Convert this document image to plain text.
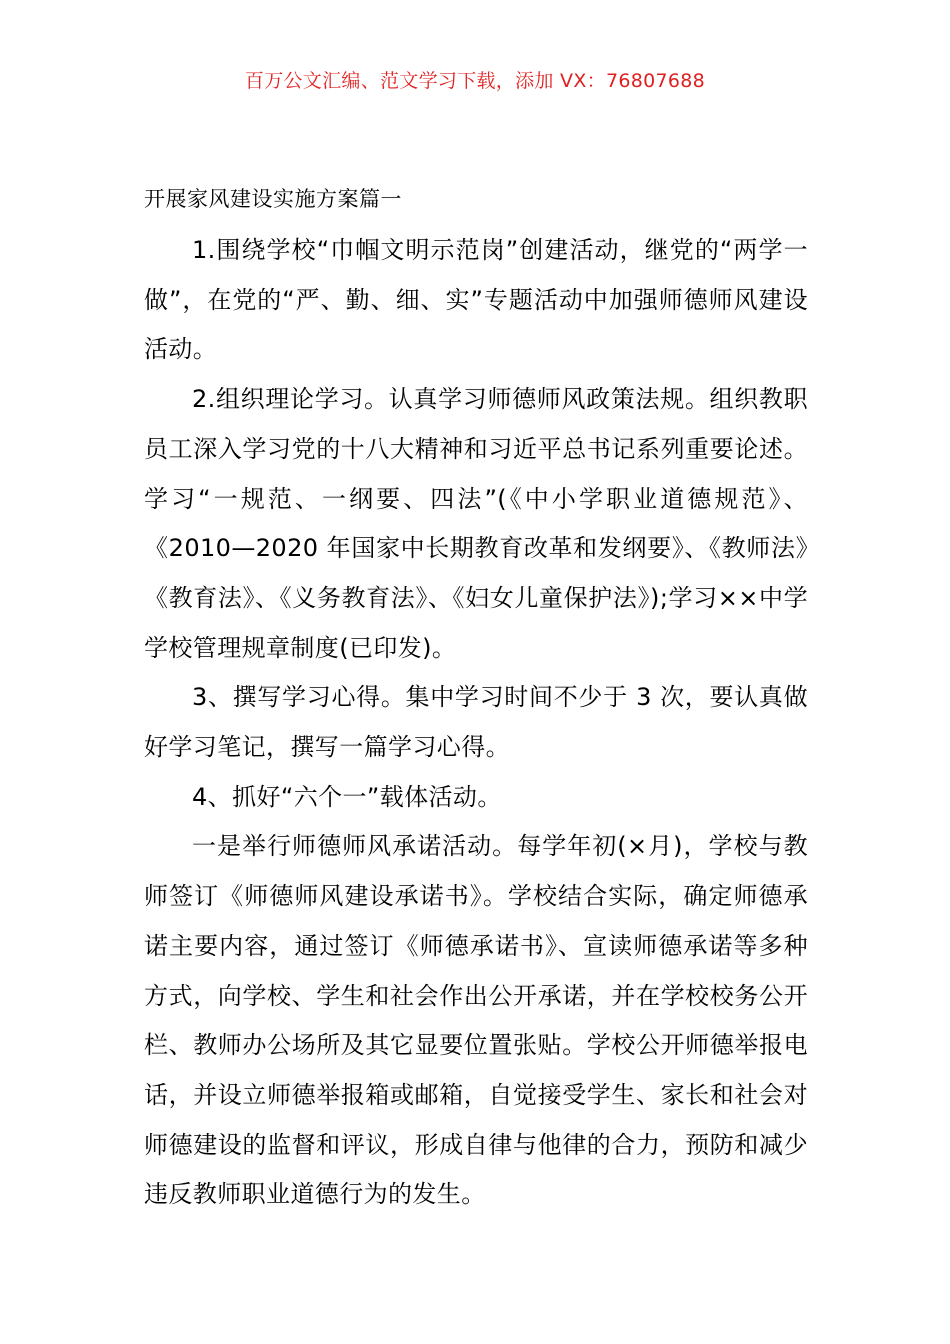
百万公文汇编、范文学习下载，添加 VX：76807688
开展家风建设实施方案篇一

1.围绕学校“巾帼文明示范岗”创建活动，继党的“两学一做”，在党的“严、勤、细、实”专题活动中加强师德师风建设活动。

2.组织理论学习。认真学习师德师风政策法规。组织教职员工深入学习党的十八大精神和习近平总书记系列重要论述。学习“一规范、一纲要、四法”(《中小学职业道德规范》、《2010—2020 年国家中长期教育改革和发纲要》、《教师法》《教育法》、《义务教育法》、《妇女儿童保护法》);学习××中学学校管理规章制度(已印发)。

3、撰写学习心得。集中学习时间不少于 3 次，要认真做好学习笔记，撰写一篇学习心得。

4、抓好“六个一”载体活动。

一是举行师德师风承诺活动。每学年初(×月)，学校与教师签订《师德师风建设承诺书》。学校结合实际，确定师德承诺主要内容，通过签订《师德承诺书》、宣读师德承诺等多种方式，向学校、学生和社会作出公开承诺，并在学校校务公开栏、教师办公场所及其它显要位置张贴。学校公开师德举报电话，并设立师德举报箱或邮箱，自觉接受学生、家长和社会对师德建设的监督和评议，形成自律与他律的合力，预防和减少违反教师职业道德行为的发生。
